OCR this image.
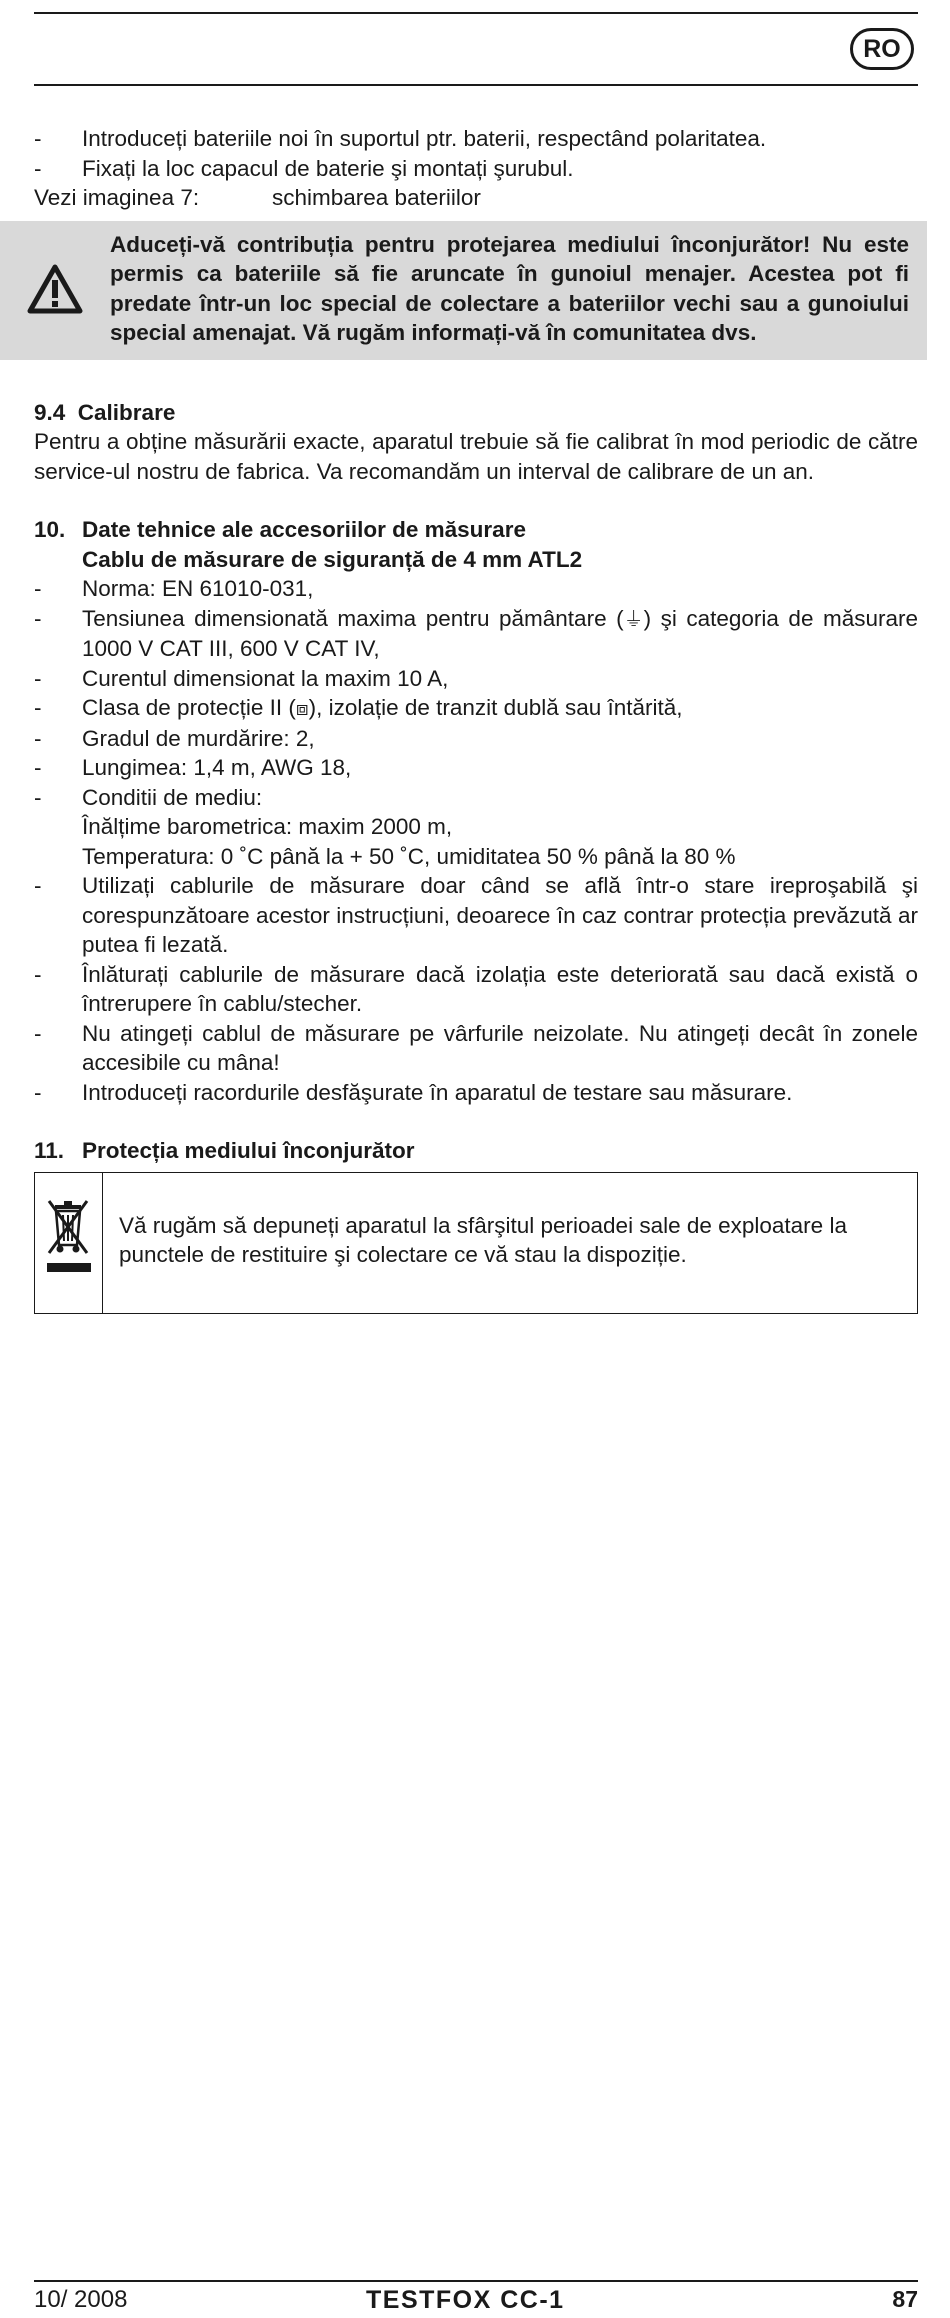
RO
- Introduceți bateriile noi în suportul ptr. baterii, respectând polaritatea.
- Fixați la loc capacul de baterie şi montați şurubul.
Vezi imaginea 7:	schimbarea bateriilor
Aduceți-vă contribuția pentru protejarea mediului înconjurător! Nu este permis ca bateriile să fie aruncate în gunoiul menajer. Acestea pot fi predate într-un loc special de colectare a bateriilor vechi sau a gunoiului special amenajat. Vă rugăm informați-vă în comunitatea dvs.
9.4 Calibrare
Pentru a obține măsurării exacte, aparatul trebuie să fie calibrat în mod periodic de către service-ul nostru de fabrica. Va recomandăm un interval de calibrare de un an.
10. Date tehnice ale accesoriilor de măsurare
Cablu de măsurare de siguranță de 4 mm ATL2
- Norma: EN 61010-031,
- Tensiunea dimensionată maxima pentru pământare (⏚) şi categoria de măsurare 1000 V CAT III, 600 V CAT IV,
- Curentul dimensionat la maxim 10 A,
- Clasa de protecție II (⧈), izolație de tranzit dublă sau întărită,
- Gradul de murdărire: 2,
- Lungimea: 1,4 m, AWG 18,
- Conditii de mediu:
Înălțime barometrica: maxim 2000 m,
Temperatura: 0 ˚C până la + 50 ˚C, umiditatea 50 % până la 80 %
- Utilizați cablurile de măsurare doar când se află într-o stare ireproşabilă şi corespunzătoare acestor instrucțiuni, deoarece în caz contrar protecția prevăzută ar putea fi lezată.
- Înlăturați cablurile de măsurare dacă izolația este deteriorată sau dacă există o întrerupere în cablu/stecher.
- Nu atingeți cablul de măsurare pe vârfurile neizolate. Nu atingeți decât în zonele accesibile cu mâna!
- Introduceți racordurile desfăşurate în aparatul de testare sau măsurare.
11. Protecția mediului înconjurător
Vă rugăm să depuneți aparatul la sfârşitul perioadei sale de exploatare la punctele de restituire şi colectare ce vă stau la dispoziție.
10/ 2008	TESTFOX CC-1	87
